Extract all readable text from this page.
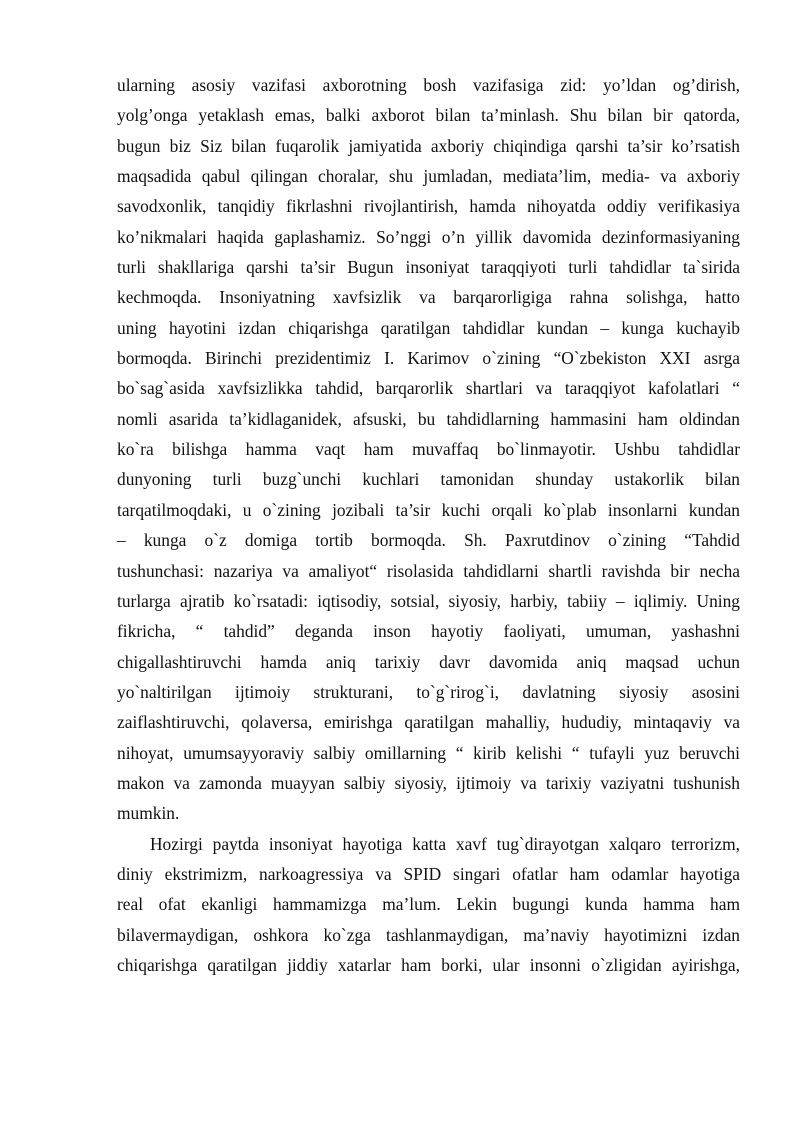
ularning asosiy vazifasi axborotning bosh vazifasiga zid: yo’ldan og’dirish,
yolg’onga yetaklash emas, balki axborot bilan ta’minlash. Shu bilan bir qatorda,
bugun biz Siz bilan fuqarolik jamiyatida axboriy chiqindiga qarshi ta’sir ko’rsatish
maqsadida qabul qilingan choralar, shu jumladan, mediata’lim, media- va axboriy
savodxonlik, tanqidiy fikrlashni rivojlantirish, hamda nihoyatda oddiy verifikasiya
ko’nikmalari haqida gaplashamiz. So’nggi o’n yillik davomida dezinformasiyaning
turli shakllariga qarshi ta’sir Bugun insoniyat taraqqiyoti turli tahdidlar ta`sirida
kechmoqda. Insoniyatning xavfsizlik va barqarorligiga rahna solishga, hatto
uning hayotini izdan chiqarishga qaratilgan tahdidlar kundan – kunga kuchayib
bormoqda. Birinchi prezidentimiz I. Karimov o`zining “O`zbekiston XXI asrga
bo`sag`asida xavfsizlikka tahdid, barqarorlik shartlari va taraqqiyot kafolatlari “
nomli asarida ta’kidlaganidek, afsuski, bu tahdidlarning hammasini ham oldindan
ko`ra bilishga hamma vaqt ham muvaffaq bo`linmayotir. Ushbu tahdidlar
dunyoning turli buzg`unchi kuchlari tamonidan shunday ustakorlik bilan
tarqatilmoqdaki, u o`zining jozibali ta’sir kuchi orqali ko`plab insonlarni kundan
– kunga o`z domiga tortib bormoqda. Sh. Paxrutdinov o`zining “Tahdid
tushunchasi: nazariya va amaliyot“ risolasida tahdidlarni shartli ravishda bir necha
turlarga ajratib ko`rsatadi: iqtisodiy, sotsial, siyosiy, harbiy, tabiiy – iqlimiy. Uning
fikricha, “ tahdid” deganda inson hayotiy faoliyati, umuman, yashashni
chigallashtiruvchi hamda aniq tarixiy davr davomida aniq maqsad uchun
yo`naltirilgan ijtimoiy strukturani, to`g`rirog`i, davlatning siyosiy asosini
zaiflashtiruvchi, qolaversa, emirishga qaratilgan mahalliy, hududiy, mintaqaviy va
nihoyat, umumsayyoraviy salbiy omillarning “ kirib kelishi “ tufayli yuz beruvchi
makon va zamonda muayyan salbiy siyosiy, ijtimoiy va tarixiy vaziyatni tushunish
mumkin.
Hozirgi paytda insoniyat hayotiga katta xavf tug`dirayotgan xalqaro terrorizm,
diniy ekstrimizm, narkoagressiya va SPID singari ofatlar ham odamlar hayotiga
real ofat ekanligi hammamizga ma’lum. Lekin bugungi kunda hamma ham
bilavermaydigan, oshkora ko`zga tashlanmaydigan, ma’naviy hayotimizni izdan
chiqarishga qaratilgan jiddiy xatarlar ham borki, ular insonni o`zligidan ayirishga,
